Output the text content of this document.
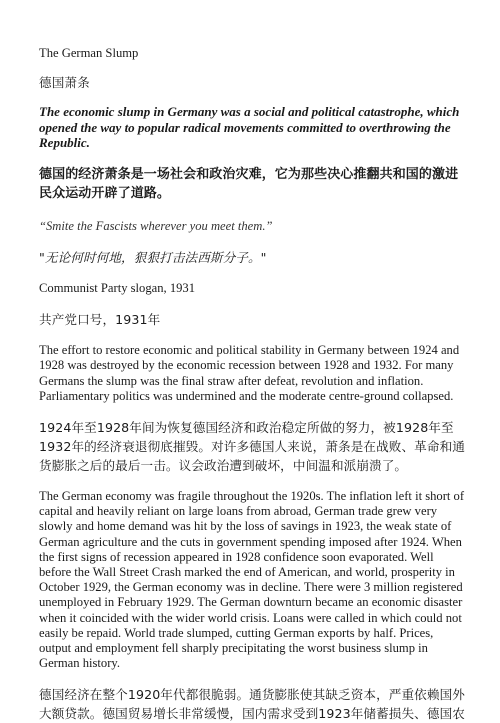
The German Slump

德国萧条

The economic slump in Germany was a social and political catastrophe, which opened the way to popular radical movements committed to overthrowing the Republic.

德国的经济萧条是一场社会和政治灾难，它为那些决心推翻共和国的激进民众运动开辟了道路。

“Smite the Fascists wherever you meet them.”

"无论何时何地，狠狠打击法西斯分子。"

Communist Party slogan, 1931

共产党口号，1931年

The effort to restore economic and political stability in Germany between 1924 and 1928 was destroyed by the economic recession between 1928 and 1932. For many Germans the slump was the final straw after defeat, revolution and inflation. Parliamentary politics was undermined and the moderate centre-ground collapsed.

1924年至1928年间为恢复德国经济和政治稳定所做的努力，被1928年至1932年的经济衰退彻底摧毁。对许多德国人来说，萧条是在战败、革命和通货膨胀之后的最后一击。议会政治遭到破坏，中间温和派崩溃了。

The German economy was fragile throughout the 1920s. The inflation left it short of capital and heavily reliant on large loans from abroad, German trade grew very slowly and home demand was hit by the loss of savings in 1923, the weak state of German agriculture and the cuts in government spending imposed after 1924. When the first signs of recession appeared in 1928 confidence soon evaporated. Well before the Wall Street Crash marked the end of American, and world, prosperity in October 1929, the German economy was in decline. There were 3 million registered unemployed in February 1929. The German downturn became an economic disaster when it coincided with the wider world crisis. Loans were called in which could not easily be repaid. World trade slumped, cutting German exports by half. Prices, output and employment fell sharply precipitating the worst business slump in German history.

德国经济在整个1920年代都很脆弱。通货膨胀使其缺乏资本，严重依赖国外大额贷款。德国贸易增长非常缓慢，国内需求受到1923年储蓄损失、德国农
